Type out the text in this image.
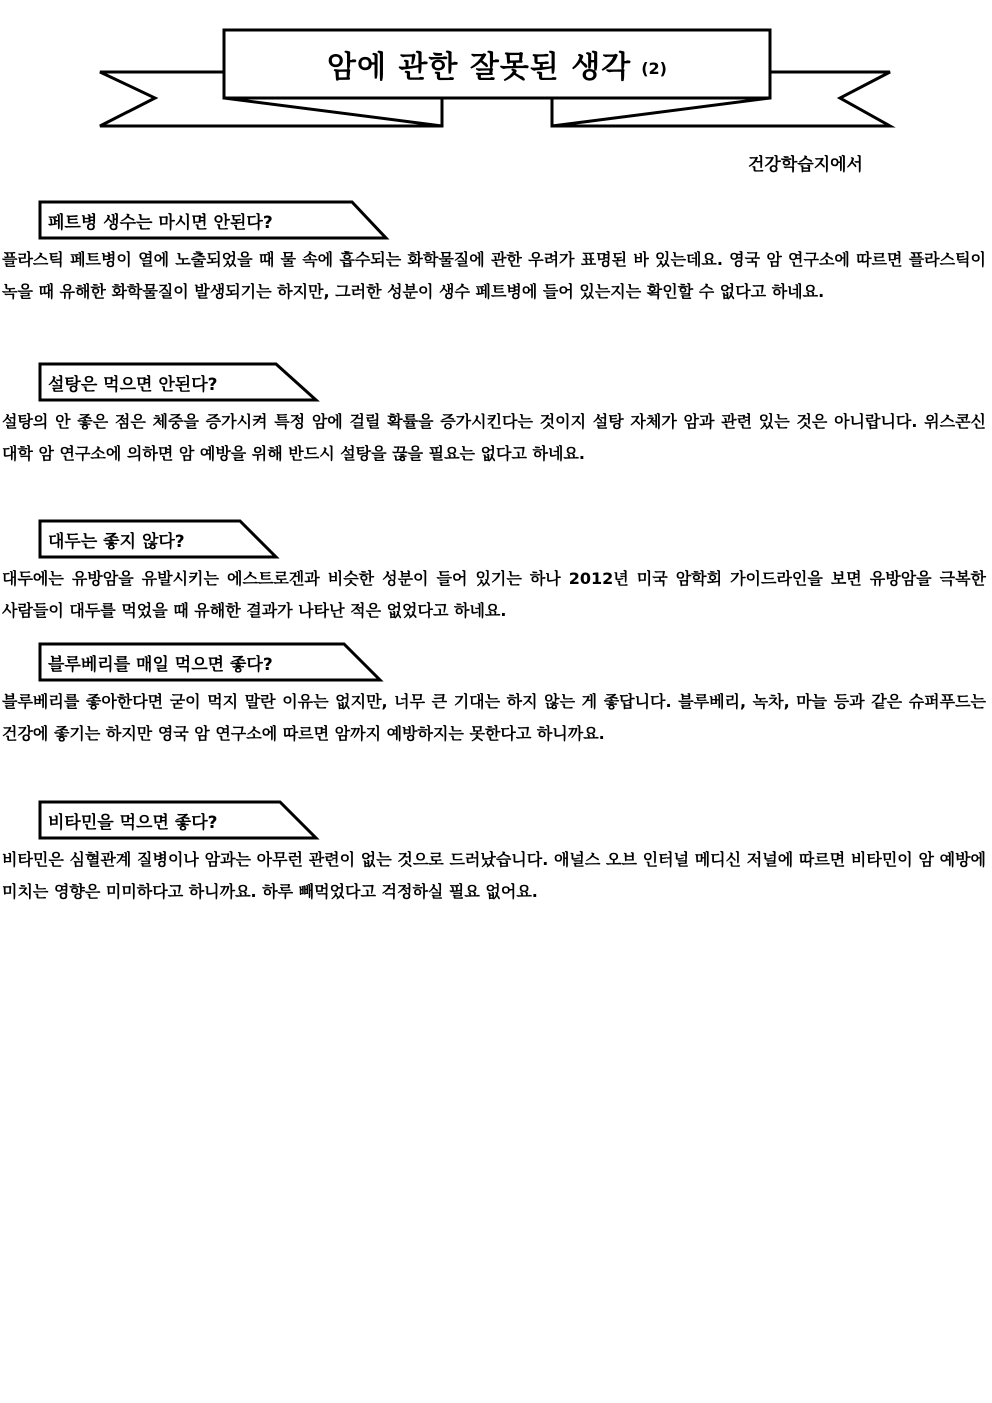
암에 관한 잘못된 생각 (2)
건강학습지에서
페트병 생수는 마시면 안된다?

플라스틱 페트병이 열에 노출되었을 때 물 속에 흡수되는 화학물질에 관한 우려가 표명된 바 있는데요. 영국 암 연구소에 따르면 플라스틱이 녹을 때 유해한 화학물질이 발생되기는 하지만, 그러한 성분이 생수 페트병에 들어 있는지는 확인할 수 없다고 하네요.

설탕은 먹으면 안된다?

설탕의 안 좋은 점은 체중을 증가시켜 특정 암에 걸릴 확률을 증가시킨다는 것이지 설탕 자체가 암과 관련 있는 것은 아니랍니다. 위스콘신 대학 암 연구소에 의하면 암 예방을 위해 반드시 설탕을 끊을 필요는 없다고 하네요.

대두는 좋지 않다?

대두에는 유방암을 유발시키는 에스트로겐과 비슷한 성분이 들어 있기는 하나 2012년 미국 암학회 가이드라인을 보면 유방암을 극복한 사람들이 대두를 먹었을 때 유해한 결과가 나타난 적은 없었다고 하네요.

블루베리를 매일 먹으면 좋다?

블루베리를 좋아한다면 굳이 먹지 말란 이유는 없지만, 너무 큰 기대는 하지 않는 게 좋답니다. 블루베리, 녹차, 마늘 등과 같은 슈퍼푸드는 건강에 좋기는 하지만 영국 암 연구소에 따르면 암까지 예방하지는 못한다고 하니까요.

비타민을 먹으면 좋다?

비타민은 심혈관계 질병이나 암과는 아무런 관련이 없는 것으로 드러났습니다. 애널스 오브 인터널 메디신 저널에 따르면 비타민이 암 예방에 미치는 영향은 미미하다고 하니까요. 하루 빼먹었다고 걱정하실 필요 없어요.
